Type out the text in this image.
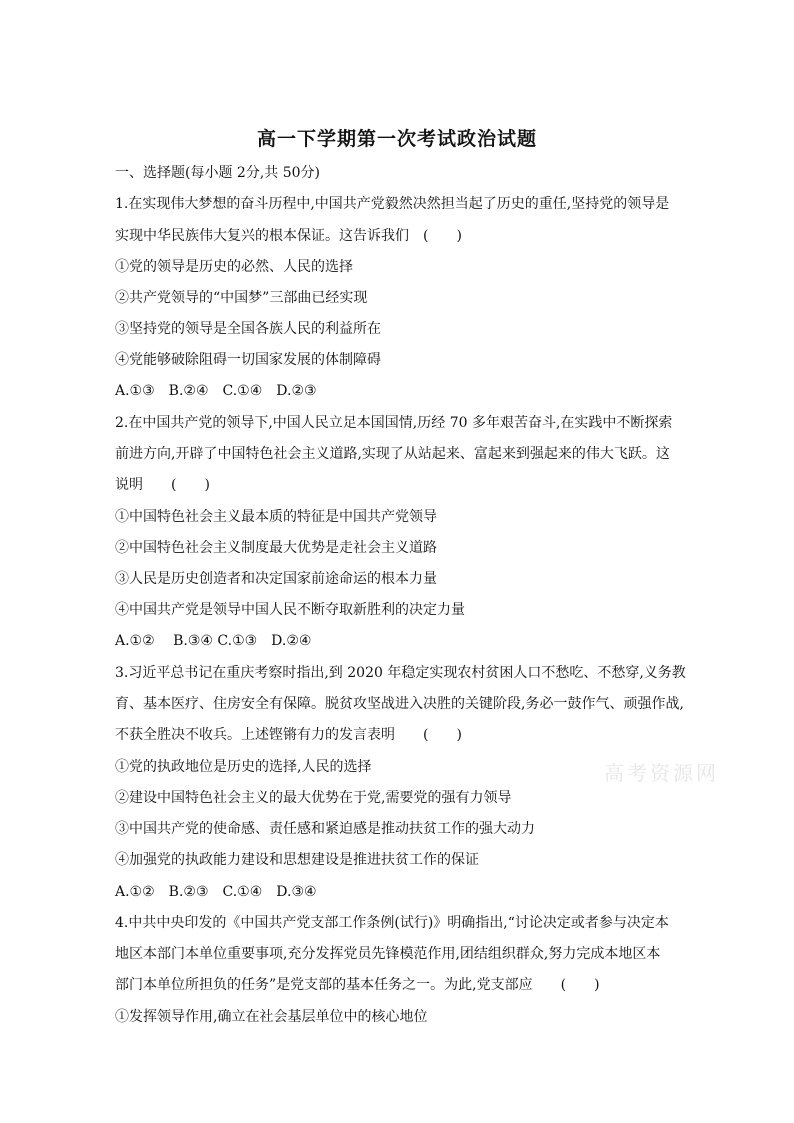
高一下学期第一次考试政治试题
一、选择题(每小题 2分,共 50分)
1.在实现伟大梦想的奋斗历程中,中国共产党毅然决然担当起了历史的重任,坚持党的领导是
实现中华民族伟大复兴的根本保证。这告诉我们　(　　)
①党的领导是历史的必然、人民的选择
②共产党领导的“中国梦”三部曲已经实现
③坚持党的领导是全国各族人民的利益所在
④党能够破除阻碍一切国家发展的体制障碍
A.①③　B.②④　C.①④　D.②③
2.在中国共产党的领导下,中国人民立足本国国情,历经 70 多年艰苦奋斗,在实践中不断探索
前进方向,开辟了中国特色社会主义道路,实现了从站起来、富起来到强起来的伟大飞跃。这
说明　　(　　)
①中国特色社会主义最本质的特征是中国共产党领导
②中国特色社会主义制度最大优势是走社会主义道路
③人民是历史创造者和决定国家前途命运的根本力量
④中国共产党是领导中国人民不断夺取新胜利的决定力量
A.①②　 B.③④ C.①③　D.②④
3.习近平总书记在重庆考察时指出,到 2020 年稳定实现农村贫困人口不愁吃、不愁穿,义务教
育、基本医疗、住房安全有保障。脱贫攻坚战进入决胜的关键阶段,务必一鼓作气、顽强作战,
不获全胜决不收兵。上述铿锵有力的发言表明　　(　　)
①党的执政地位是历史的选择,人民的选择
②建设中国特色社会主义的最大优势在于党,需要党的强有力领导
③中国共产党的使命感、责任感和紧迫感是推动扶贫工作的强大动力
④加强党的执政能力建设和思想建设是推进扶贫工作的保证
A.①②　B.②③　C.①④　D.③④
4.中共中央印发的《中国共产党支部工作条例(试行)》明确指出,“讨论决定或者参与决定本
地区本部门本单位重要事项,充分发挥党员先锋模范作用,团结组织群众,努力完成本地区本
部门本单位所担负的任务”是党支部的基本任务之一。为此,党支部应　　(　　)
①发挥领导作用,确立在社会基层单位中的核心地位
高考资源网
